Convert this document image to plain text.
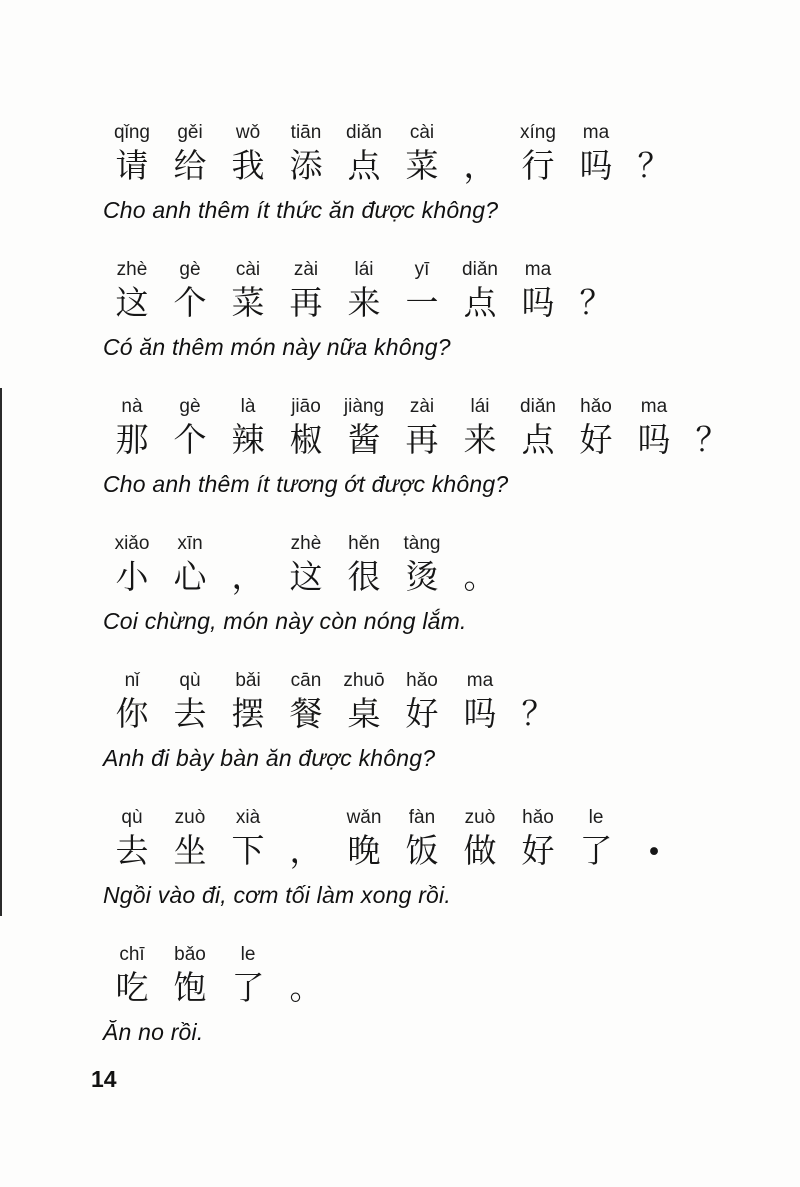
qǐng
请
gěi
给
wǒ
我
tiān
添
diǎn
点
cài
菜 ，
xíng
行
ma
吗 ？
Cho anh thêm ít thức ăn được không?
zhè
这
gè
个
cài
菜
zài
再
lái
来
yī
一
diǎn
点
ma
吗 ？
Có ăn thêm món này nữa không?
nà
那
gè
个
là
辣
jiāo
椒
jiàng
酱
zài
再
lái
来
diǎn
点
hǎo
好
ma
吗 ？
Cho anh thêm ít tương ớt được không?
xiǎo
小
xīn
心 ，
zhè
这
hěn
很
tàng
烫 。
Coi chừng, món này còn nóng lắm.
nǐ
你
qù
去
bǎi
摆
cān
餐
zhuō
桌
hǎo
好
ma
吗 ？
Anh đi bày bàn ăn được không?
qù
去
zuò
坐
xià
下 ，
wǎn
晚
fàn
饭
zuò
做
hǎo
好
le
了 •
Ngồi vào đi, cơm tối làm xong rồi.
chī
吃
bǎo
饱
le
了 。
Ăn no rồi.
14
